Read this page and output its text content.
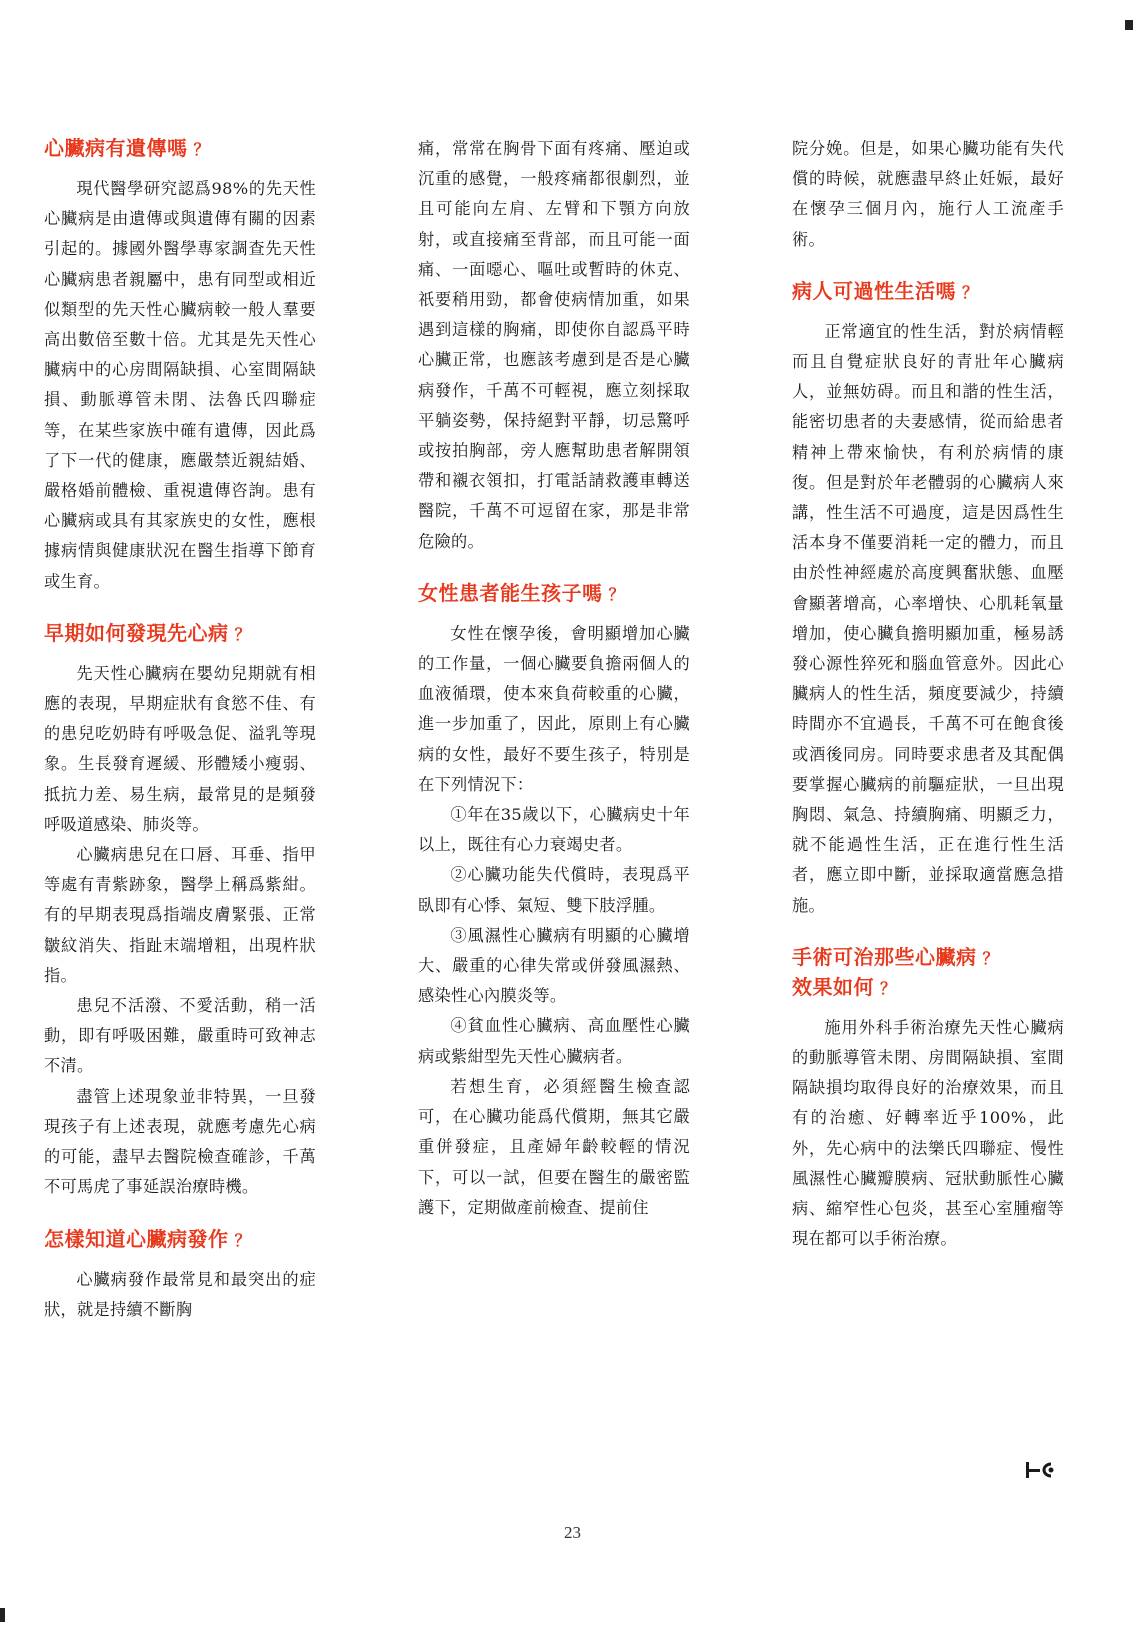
心臟病有遺傳嗎 ？

現代醫學研究認爲98%的先天性心臟病是由遺傳或與遺傳有關的因素引起的。據國外醫學專家調查先天性心臟病患者親屬中，患有同型或相近似類型的先天性心臟病較一般人羣要高出數倍至數十倍。尤其是先天性心臟病中的心房間隔缺損、心室間隔缺損、動脈導管未閉、法魯氏四聯症等，在某些家族中確有遺傳，因此爲了下一代的健康，應嚴禁近親結婚、嚴格婚前體檢、重視遺傳咨詢。患有心臟病或具有其家族史的女性，應根據病情與健康狀況在醫生指導下節育或生育。

早期如何發現先心病 ？

先天性心臟病在嬰幼兒期就有相應的表現，早期症狀有食慾不佳、有的患兒吃奶時有呼吸急促、溢乳等現象。生長發育遲緩、形體矮小瘦弱、抵抗力差、易生病，最常見的是頻發呼吸道感染、肺炎等。

心臟病患兒在口唇、耳垂、指甲等處有青紫跡象，醫學上稱爲紫紺。有的早期表現爲指端皮膚緊張、正常皺紋消失、指趾末端增粗，出現杵狀指。

患兒不活潑、不愛活動，稍一活動，即有呼吸困難，嚴重時可致神志不清。

盡管上述現象並非特異，一旦發現孩子有上述表現，就應考慮先心病的可能，盡早去醫院檢查確診，千萬不可馬虎了事延誤治療時機。

怎樣知道心臟病發作 ？

心臟病發作最常見和最突出的症狀，就是持續不斷胸

痛，常常在胸骨下面有疼痛、壓迫或沉重的感覺，一般疼痛都很劇烈，並且可能向左肩、左臂和下顎方向放射，或直接痛至背部，而且可能一面痛、一面噁心、嘔吐或暫時的休克、祇要稍用勁，都會使病情加重，如果遇到這樣的胸痛，即使你自認爲平時心臟正常，也應該考慮到是否是心臟病發作，千萬不可輕視，應立刻採取平躺姿勢，保持絕對平靜，切忌驚呼或按拍胸部，旁人應幫助患者解開領帶和襯衣領扣，打電話請救護車轉送醫院，千萬不可逗留在家，那是非常危險的。

女性患者能生孩子嗎 ？

女性在懷孕後，會明顯增加心臟的工作量，一個心臟要負擔兩個人的血液循環，使本來負荷較重的心臟，進一步加重了，因此，原則上有心臟病的女性，最好不要生孩子，特別是在下列情況下：

①年在35歲以下，心臟病史十年以上，既往有心力衰竭史者。

②心臟功能失代償時，表現爲平臥即有心悸、氣短、雙下肢浮腫。

③風濕性心臟病有明顯的心臟增大、嚴重的心律失常或併發風濕熱、感染性心內膜炎等。

④貧血性心臟病、高血壓性心臟病或紫紺型先天性心臟病者。

若想生育，必須經醫生檢查認可，在心臟功能爲代償期，無其它嚴重併發症，且產婦年齡較輕的情況下，可以一試，但要在醫生的嚴密監護下，定期做產前檢查、提前住

院分娩。但是，如果心臟功能有失代償的時候，就應盡早終止妊娠，最好在懷孕三個月內，施行人工流產手術。

病人可過性生活嗎 ？

正常適宜的性生活，對於病情輕而且自覺症狀良好的青壯年心臟病人，並無妨碍。而且和諧的性生活，能密切患者的夫妻感情，從而給患者精神上帶來愉快，有利於病情的康復。但是對於年老體弱的心臟病人來講，性生活不可過度，這是因爲性生活本身不僅要消耗一定的體力，而且由於性神經處於高度興奮狀態、血壓會顯著增高，心率增快、心肌耗氧量增加，使心臟負擔明顯加重，極易誘發心源性猝死和腦血管意外。因此心臟病人的性生活，頻度要減少，持續時間亦不宜過長，千萬不可在飽食後或酒後同房。同時要求患者及其配偶要掌握心臟病的前驅症狀，一旦出現胸悶、氣急、持續胸痛、明顯乏力，就不能過性生活，正在進行性生活者，應立即中斷，並採取適當應急措施。

手術可治那些心臟病 ？
效果如何 ？

施用外科手術治療先天性心臟病的動脈導管未閉、房間隔缺損、室間隔缺損均取得良好的治療效果，而且有的治癒、好轉率近乎100%，此外，先心病中的法樂氏四聯症、慢性風濕性心臟瓣膜病、冠狀動脈性心臟病、縮窄性心包炎，甚至心室腫瘤等現在都可以手術治療。

23
